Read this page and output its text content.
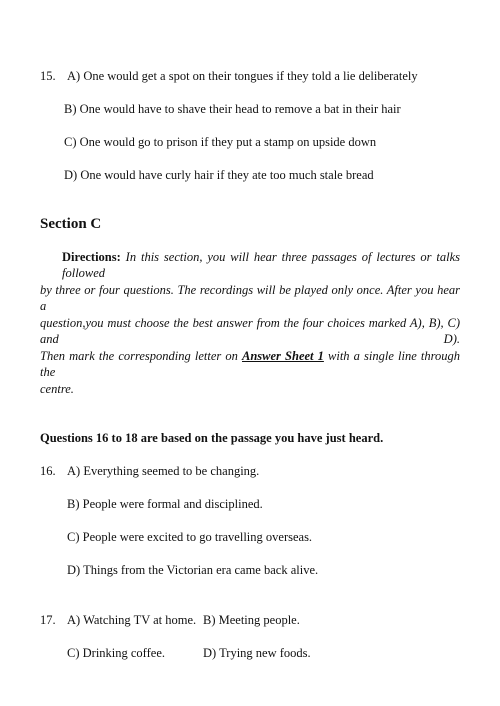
15. A) One would get a spot on their tongues if they told a lie deliberately
B) One would have to shave their head to remove a bat in their hair
C) One would go to prison if they put a stamp on upside down
D) One would have curly hair if they ate too much stale bread
Section C
Directions: In this section, you will hear three passages of lectures or talks followed
by three or four questions. The recordings will be played only once. After you hear a
question,you must choose the best answer from the four choices marked A), B), C) and D).
Then mark the corresponding letter on Answer Sheet 1 with a single line through the
centre.
Questions 16 to 18 are based on the passage you have just heard.
16. A) Everything seemed to be changing.
B) People were formal and disciplined.
C) People were excited to go travelling overseas.
D) Things from the Victorian era came back alive.
17. A) Watching TV at home. B) Meeting people.
C) Drinking coffee.	D) Trying new foods.
